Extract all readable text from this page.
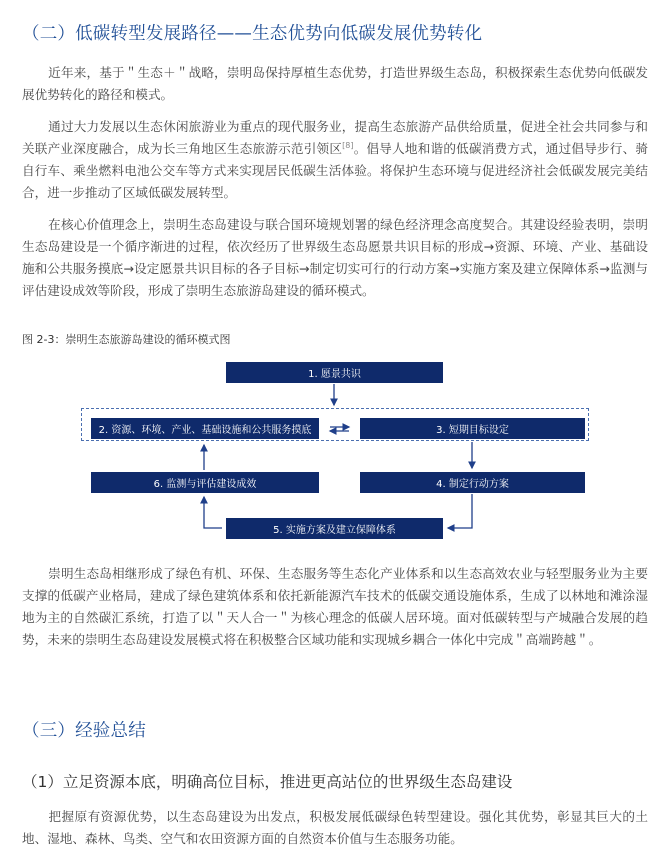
（二）低碳转型发展路径——生态优势向低碳发展优势转化

近年来，基于＂生态＋＂战略，崇明岛保持厚植生态优势，打造世界级生态岛，积极探索生态优势向低碳发展优势转化的路径和模式。

通过大力发展以生态休闲旅游业为重点的现代服务业，提高生态旅游产品供给质量，促进全社会共同参与和关联产业深度融合，成为长三角地区生态旅游示范引领区[8]。倡导人地和谐的低碳消费方式，通过倡导步行、骑自行车、乘坐燃料电池公交车等方式来实现居民低碳生活体验。将保护生态环境与促进经济社会低碳发展完美结合，进一步推动了区域低碳发展转型。

在核心价值理念上，崇明生态岛建设与联合国环境规划署的绿色经济理念高度契合。其建设经验表明，崇明生态岛建设是一个循序渐进的过程，依次经历了世界级生态岛愿景共识目标的形成→资源、环境、产业、基础设施和公共服务摸底→设定愿景共识目标的各子目标→制定切实可行的行动方案→实施方案及建立保障体系→监测与评估建设成效等阶段，形成了崇明生态旅游岛建设的循环模式。

图 2-3：崇明生态旅游岛建设的循环模式图
1. 愿景共识
2. 资源、环境、产业、基础设施和公共服务摸底	3. 短期目标设定
4. 制定行动方案
5. 实施方案及建立保障体系
6. 监测与评估建设成效

崇明生态岛相继形成了绿色有机、环保、生态服务等生态化产业体系和以生态高效农业与轻型服务业为主要支撑的低碳产业格局，建成了绿色建筑体系和依托新能源汽车技术的低碳交通设施体系，生成了以林地和滩涂湿地为主的自然碳汇系统，打造了以＂天人合一＂为核心理念的低碳人居环境。面对低碳转型与产城融合发展的趋势，未来的崇明生态岛建设发展模式将在积极整合区域功能和实现城乡耦合一体化中完成＂高端跨越＂。

（三）经验总结
（1）立足资源本底，明确高位目标，推进更高站位的世界级生态岛建设

把握原有资源优势，以生态岛建设为出发点，积极发展低碳绿色转型建设。强化其优势，彰显其巨大的土地、湿地、森林、鸟类、空气和农田资源方面的自然资本价值与生态服务功能。
